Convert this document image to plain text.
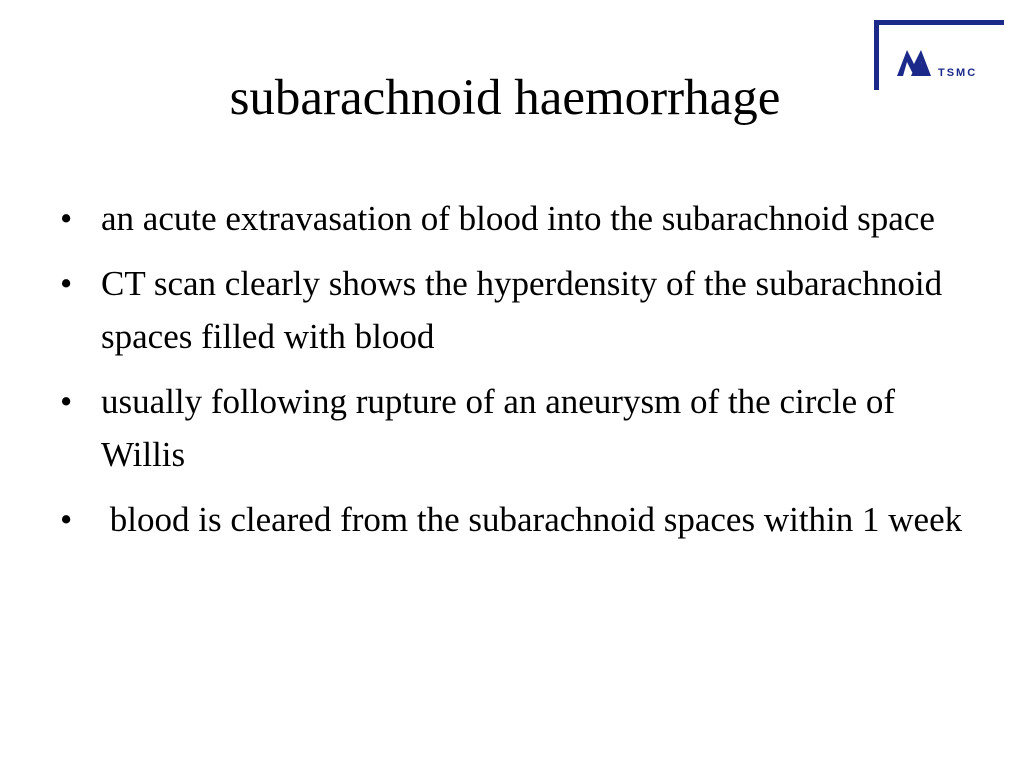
TSMC
subarachnoid haemorrhage
• an acute extravasation of blood into the subarachnoid space
• CT scan clearly shows the hyperdensity of the subarachnoid spaces filled with blood
• usually following rupture of an aneurysm of the circle of Willis
• blood is cleared from the subarachnoid spaces within 1 week
